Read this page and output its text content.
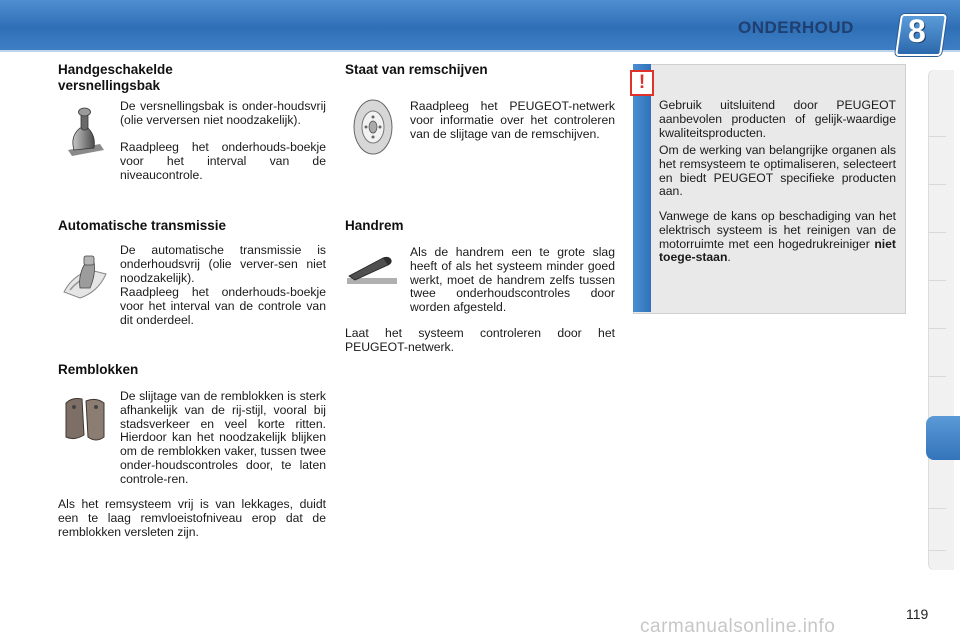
ONDERHOUD 8
Handgeschakelde
versnellingsbak

De versnellingsbak is onder-houdsvrij (olie verversen niet noodzakelijk).

Raadpleeg het onderhouds-boekje voor het interval van de niveaucontrole.

Automatische transmissie

De automatische transmissie is onderhoudsvrij (olie verver-sen niet noodzakelijk).

Raadpleeg het onderhouds-boekje voor het interval van de controle van dit onderdeel.

Remblokken

De slijtage van de remblokken is sterk afhankelijk van de rij-stijl, vooral bij stadsverkeer en veel korte ritten. Hierdoor kan het noodzakelijk blijken om de remblokken vaker, tussen twee onder-houdscontroles door, te laten controle-ren.

Als het remsysteem vrij is van lekkages, duidt een te laag remvloeistofniveau erop dat de remblokken versleten zijn.

Staat van remschijven

Raadpleeg het PEUGEOT-netwerk voor informatie over het controleren van de slijtage van de remschijven.

Handrem

Als de handrem een te grote slag heeft of als het systeem minder goed werkt, moet de handrem zelfs tussen twee onderhoudscontroles door worden afgesteld.

Laat het systeem controleren door het PEUGEOT-netwerk.

!

Gebruik uitsluitend door PEUGEOT aanbevolen producten of gelijk-waardige kwaliteitsproducten.

Om de werking van belangrijke organen als het remsysteem te optimaliseren, selecteert en biedt PEUGEOT specifieke producten aan.

Vanwege de kans op beschadiging van het elektrisch systeem is het reinigen van de motorruimte met een hogedrukreiniger niet toege-staan.

119
carmanualsonline.info
